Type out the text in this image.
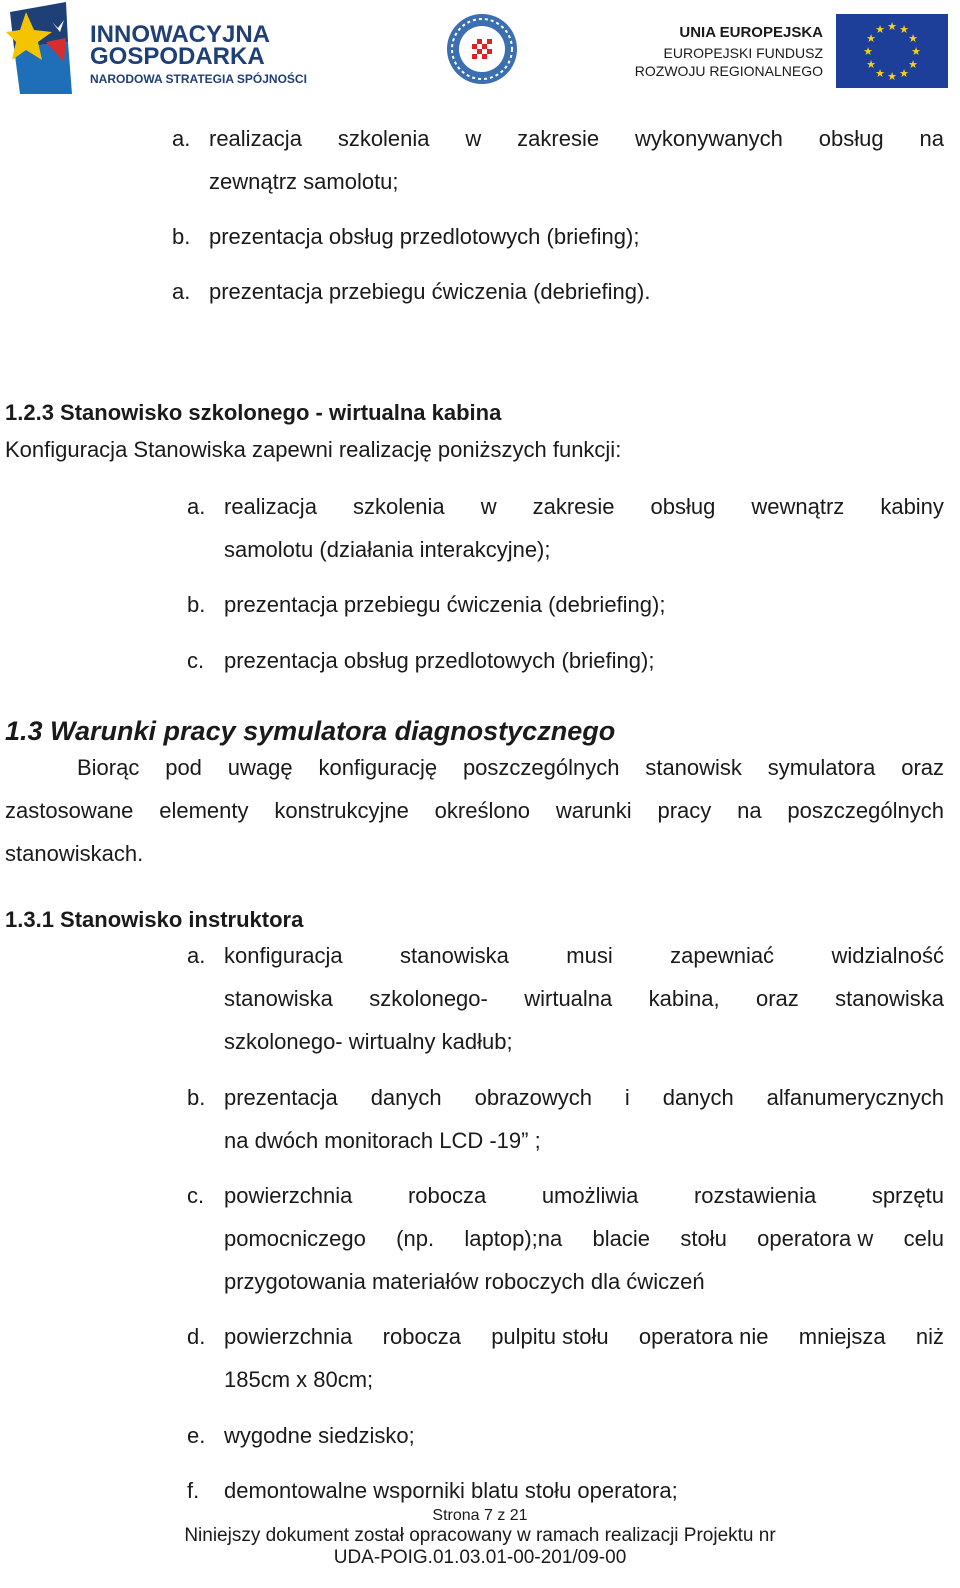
INNOWACYJNA
GOSPODARKA
NARODOWA STRATEGIA SPÓJNOŚCI
UNIA EUROPEJSKA
EUROPEJSKI FUNDUSZ
ROZWOJU REGIONALNEGO
★ ★
★
★
★
★
★
★
★
★
★
★
a. realizacja szkolenia w zakresie wykonywanych obsług na
zewnątrz samolotu;
b. prezentacja obsług przedlotowych (briefing);
a. prezentacja przebiegu ćwiczenia (debriefing).
1.2.3 Stanowisko szkolonego - wirtualna kabina
Konfiguracja Stanowiska zapewni realizację poniższych funkcji:
a. realizacja szkolenia w zakresie obsług wewnątrz kabiny
samolotu (działania interakcyjne);
b. prezentacja przebiegu ćwiczenia (debriefing);
c. prezentacja obsług przedlotowych (briefing);
1.3 Warunki pracy symulatora diagnostycznego
Biorąc pod uwagę konfigurację poszczególnych stanowisk symulatora oraz
zastosowane elementy konstrukcyjne określono warunki pracy na poszczególnych
stanowiskach.
1.3.1 Stanowisko instruktora
a. konfiguracja	stanowiska	musi	zapewniać	widzialność
stanowiska szkolonego- wirtualna kabina, oraz stanowiska
szkolonego- wirtualny kadłub;
b. prezentacja danych obrazowych i danych alfanumerycznych
na dwóch monitorach LCD -19” ;
c. powierzchnia	robocza	umożliwia	rozstawienia	sprzętu
pomocniczego (np. laptop);na blacie stołu operatora w celu
przygotowania materiałów roboczych dla ćwiczeń
d. powierzchnia robocza pulpitu stołu operatora nie mniejsza niż
185cm x 80cm;
e. wygodne siedzisko;
f. demontowalne wsporniki blatu stołu operatora;
Strona 7 z 21
Niniejszy dokument został opracowany w ramach realizacji Projektu nr
UDA-POIG.01.03.01-00-201/09-00
